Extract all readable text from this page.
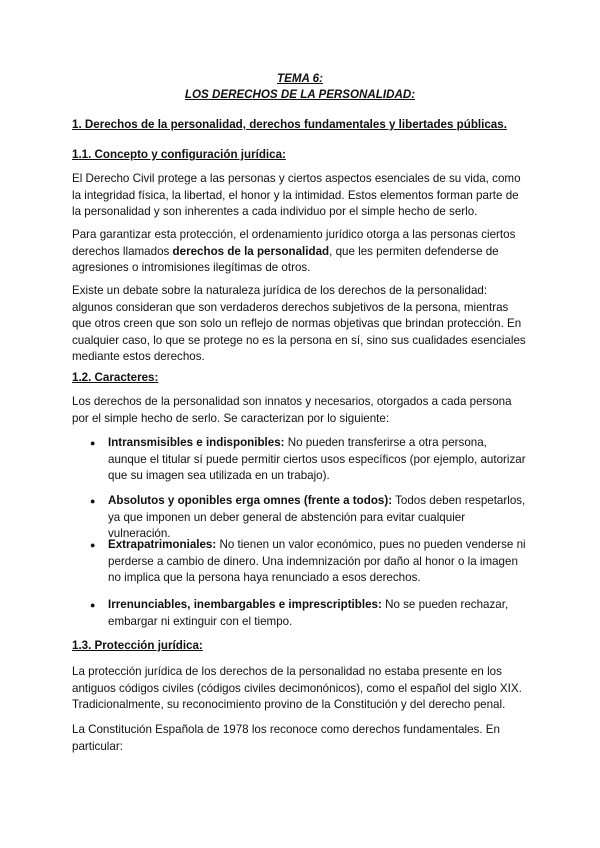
TEMA 6:
LOS DERECHOS DE LA PERSONALIDAD:
1. Derechos de la personalidad, derechos fundamentales y libertades públicas.
1.1. Concepto y configuración jurídica:

El Derecho Civil protege a las personas y ciertos aspectos esenciales de su vida, como la integridad física, la libertad, el honor y la intimidad. Estos elementos forman parte de la personalidad y son inherentes a cada individuo por el simple hecho de serlo.

Para garantizar esta protección, el ordenamiento jurídico otorga a las personas ciertos derechos llamados derechos de la personalidad, que les permiten defenderse de agresiones o intromisiones ilegítimas de otros.

Existe un debate sobre la naturaleza jurídica de los derechos de la personalidad: algunos consideran que son verdaderos derechos subjetivos de la persona, mientras que otros creen que son solo un reflejo de normas objetivas que brindan protección. En cualquier caso, lo que se protege no es la persona en sí, sino sus cualidades esenciales mediante estos derechos.

1.2. Caracteres:

Los derechos de la personalidad son innatos y necesarios, otorgados a cada persona por el simple hecho de serlo. Se caracterizan por lo siguiente:

● Intransmisibles e indisponibles: No pueden transferirse a otra persona, aunque el titular sí puede permitir ciertos usos específicos (por ejemplo, autorizar que su imagen sea utilizada en un trabajo).
● Absolutos y oponibles erga omnes (frente a todos): Todos deben respetarlos, ya que imponen un deber general de abstención para evitar cualquier vulneración.
● Extrapatrimoniales: No tienen un valor económico, pues no pueden venderse ni perderse a cambio de dinero. Una indemnización por daño al honor o la imagen no implica que la persona haya renunciado a esos derechos.
● Irrenunciables, inembargables e imprescriptibles: No se pueden rechazar, embargar ni extinguir con el tiempo.
1.3. Protección jurídica:

La protección jurídica de los derechos de la personalidad no estaba presente en los antiguos códigos civiles (códigos civiles decimonónicos), como el español del siglo XIX. Tradicionalmente, su reconocimiento provino de la Constitución y del derecho penal.

La Constitución Española de 1978 los reconoce como derechos fundamentales. En particular:
